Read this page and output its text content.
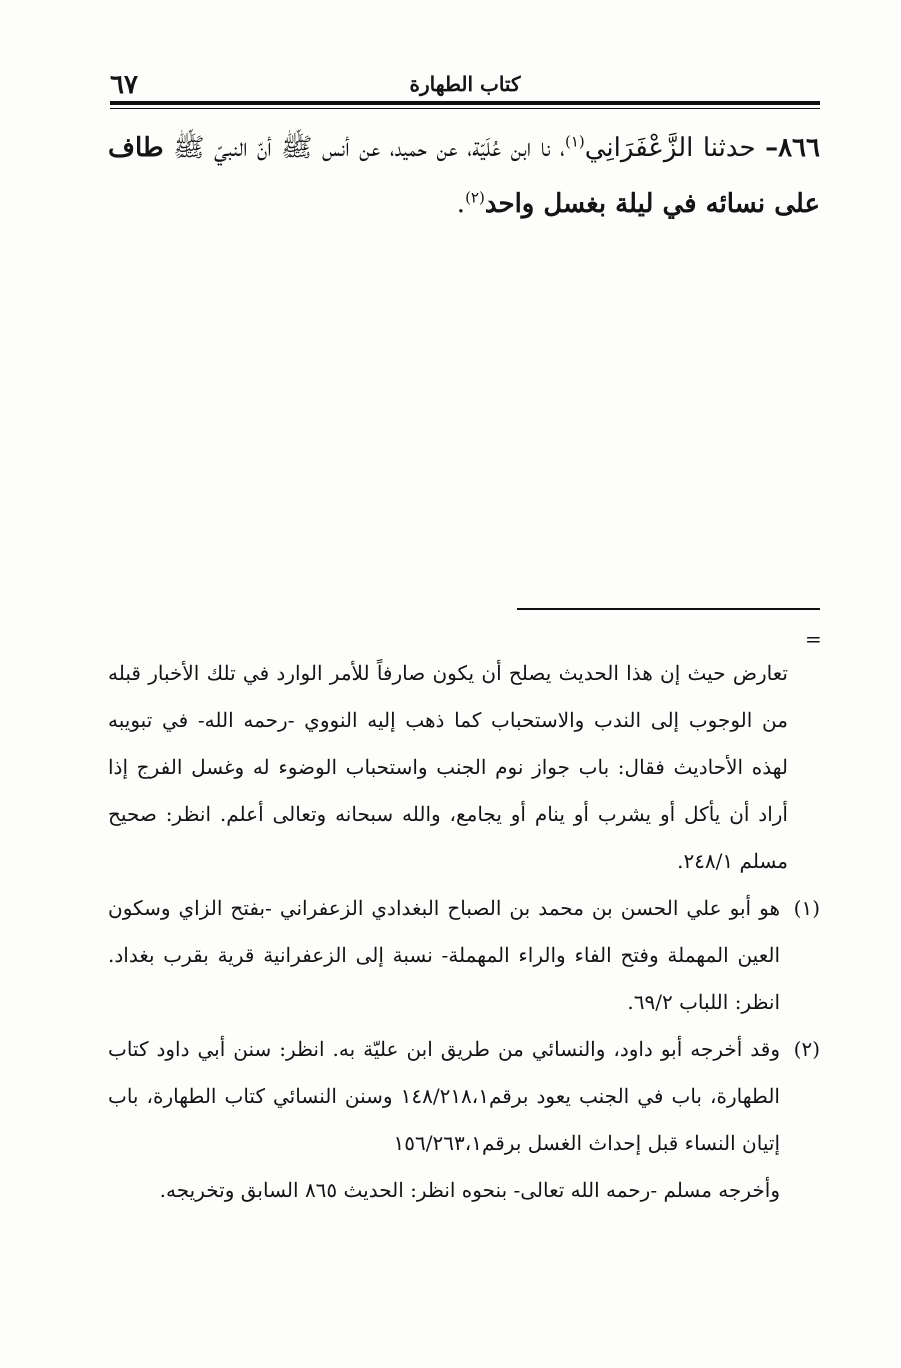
٦٧	كتاب الطهارة
٨٦٦– حدثنا الزَّعْفَرَانِي$^{(١)}$، نا ابن عُلَيّة، عن حميد، عن أنس ﷺ أنّ النبيّ ﷺ طاف على نسائه في ليلة بغسل واحد$^{(٢)}$.
=
تعارض حيث إن هذا الحديث يصلح أن يكون صارفاً للأمر الوارد في تلك الأخبار قبله من الوجوب إلى الندب والاستحباب كما ذهب إليه النووي -رحمه الله- في تبويبه لهذه الأحاديث فقال: باب جواز نوم الجنب واستحباب الوضوء له وغسل الفرج إذا أراد أن يأكل أو يشرب أو ينام أو يجامع، والله سبحانه وتعالى أعلم. انظر: صحيح مسلم ٢٤٨/١.
(١)
هو أبو علي الحسن بن محمد بن الصباح البغدادي الزعفراني -بفتح الزاي وسكون العين المهملة وفتح الفاء والراء المهملة- نسبة إلى الزعفرانية قرية بقرب بغداد. انظر: اللباب ٦٩/٢.
(٢)
وقد أخرجه أبو داود، والنسائي من طريق ابن عليّة به. انظر: سنن أبي داود كتاب الطهارة، باب في الجنب يعود برقم١٤٨/٢١٨،١ وسنن النسائي كتاب الطهارة، باب إتيان النساء قبل إحداث الغسل برقم١٥٦/٢٦٣،١
وأخرجه مسلم -رحمه الله تعالى- بنحوه انظر: الحديث ٨٦٥ السابق وتخريجه.
